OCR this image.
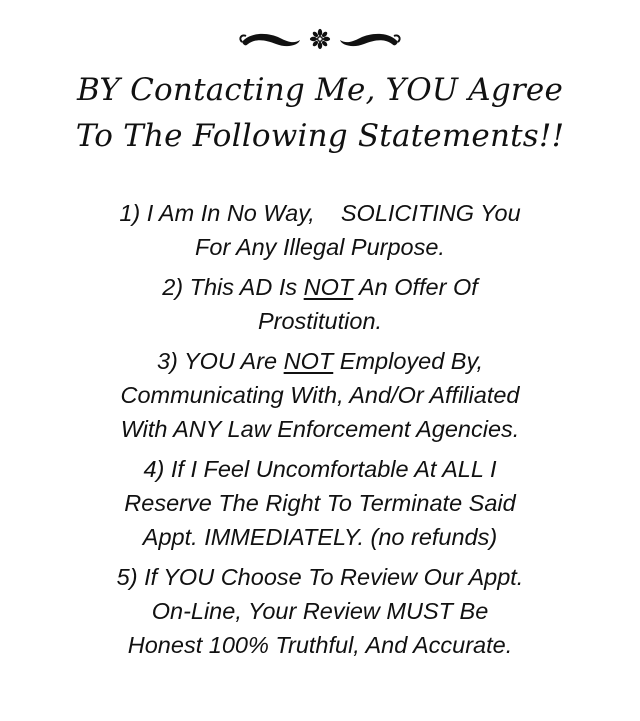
BY Contacting Me, YOU Agree
To The Following Statements!!

1) I Am In No Way,    SOLICITING You
For Any Illegal Purpose.

2) This AD Is NOT An Offer Of
Prostitution.

3) YOU Are NOT Employed By,
Communicating With, And/Or Affiliated
With ANY Law Enforcement Agencies.

4) If I Feel Uncomfortable At ALL I
Reserve The Right To Terminate Said
Appt. IMMEDIATELY. (no refunds)

5) If YOU Choose To Review Our Appt.
On-Line, Your Review MUST Be
Honest 100% Truthful, And Accurate.
